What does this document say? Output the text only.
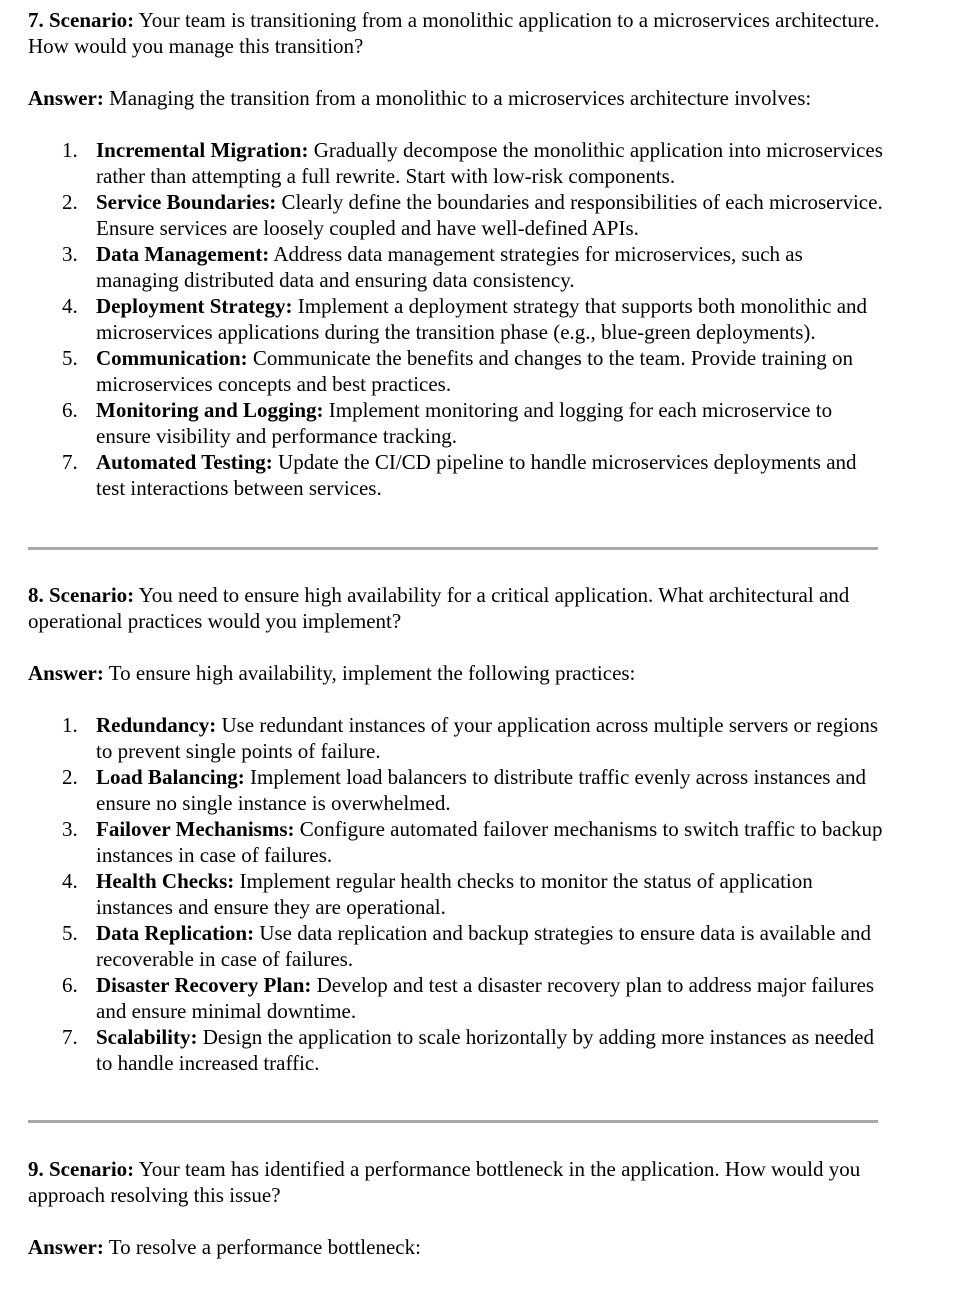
7. Scenario: Your team is transitioning from a monolithic application to a microservices architecture. How would you manage this transition?

Answer: Managing the transition from a monolithic to a microservices architecture involves:

1. Incremental Migration: Gradually decompose the monolithic application into microservices rather than attempting a full rewrite. Start with low-risk components.
2. Service Boundaries: Clearly define the boundaries and responsibilities of each microservice. Ensure services are loosely coupled and have well-defined APIs.
3. Data Management: Address data management strategies for microservices, such as managing distributed data and ensuring data consistency.
4. Deployment Strategy: Implement a deployment strategy that supports both monolithic and microservices applications during the transition phase (e.g., blue-green deployments).
5. Communication: Communicate the benefits and changes to the team. Provide training on microservices concepts and best practices.
6. Monitoring and Logging: Implement monitoring and logging for each microservice to ensure visibility and performance tracking.
7. Automated Testing: Update the CI/CD pipeline to handle microservices deployments and test interactions between services.

8. Scenario: You need to ensure high availability for a critical application. What architectural and operational practices would you implement?

Answer: To ensure high availability, implement the following practices:

1. Redundancy: Use redundant instances of your application across multiple servers or regions to prevent single points of failure.
2. Load Balancing: Implement load balancers to distribute traffic evenly across instances and ensure no single instance is overwhelmed.
3. Failover Mechanisms: Configure automated failover mechanisms to switch traffic to backup instances in case of failures.
4. Health Checks: Implement regular health checks to monitor the status of application instances and ensure they are operational.
5. Data Replication: Use data replication and backup strategies to ensure data is available and recoverable in case of failures.
6. Disaster Recovery Plan: Develop and test a disaster recovery plan to address major failures and ensure minimal downtime.
7. Scalability: Design the application to scale horizontally by adding more instances as needed to handle increased traffic.

9. Scenario: Your team has identified a performance bottleneck in the application. How would you approach resolving this issue?

Answer: To resolve a performance bottleneck:
